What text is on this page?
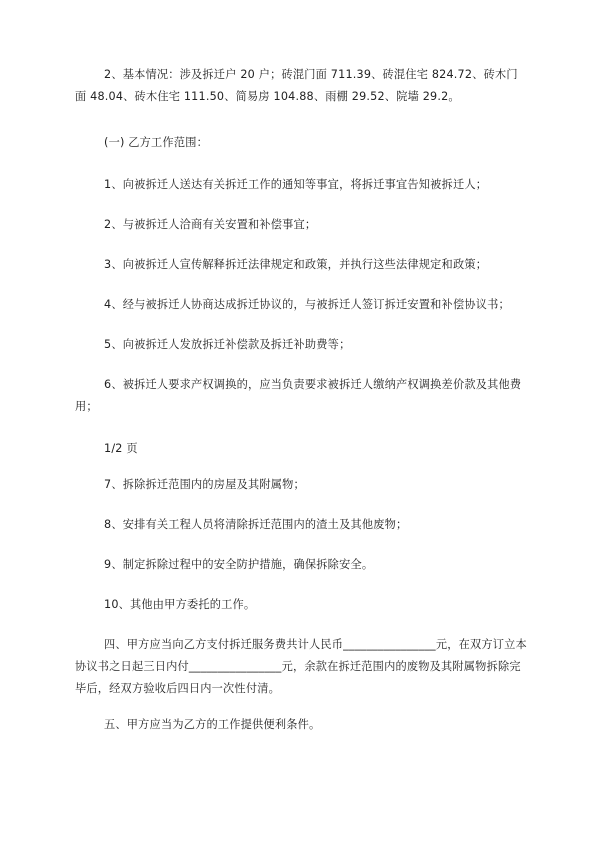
2、基本情况：涉及拆迁户 20 户；砖混门面 711.39、砖混住宅 824.72、砖木门面 48.04、砖木住宅 111.50、简易房 104.88、雨棚 29.52、院墙 29.2。

(一) 乙方工作范围：

1、向被拆迁人送达有关拆迁工作的通知等事宜，将拆迁事宜告知被拆迁人；

2、与被拆迁人洽商有关安置和补偿事宜；

3、向被拆迁人宣传解释拆迁法律规定和政策，并执行这些法律规定和政策；

4、经与被拆迁人协商达成拆迁协议的，与被拆迁人签订拆迁安置和补偿协议书；

5、向被拆迁人发放拆迁补偿款及拆迁补助费等；

6、被拆迁人要求产权调换的，应当负责要求被拆迁人缴纳产权调换差价款及其他费用；

1/2 页

7、拆除拆迁范围内的房屋及其附属物；

8、安排有关工程人员将清除拆迁范围内的渣土及其他废物；

9、制定拆除过程中的安全防护措施，确保拆除安全。

10、其他由甲方委托的工作。

四、甲方应当向乙方支付拆迁服务费共计人民币________________元，在双方订立本协议书之日起三日内付________________元，余款在拆迁范围内的废物及其附属物拆除完毕后，经双方验收后四日内一次性付清。

五、甲方应当为乙方的工作提供便利条件。
